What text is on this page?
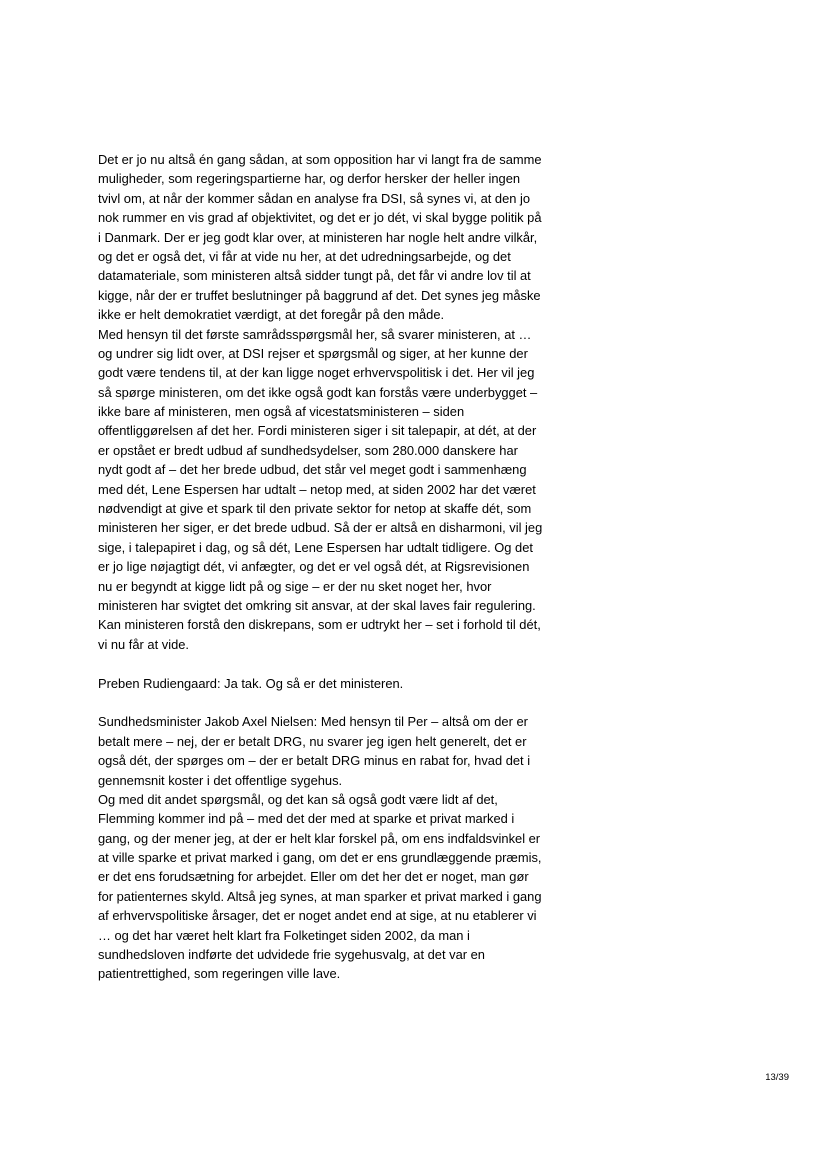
Det er jo nu altså én gang sådan, at som opposition har vi langt fra de samme
muligheder, som regeringspartierne har, og derfor hersker der heller ingen
tvivl om, at når der kommer sådan en analyse fra DSI, så synes vi, at den jo
nok rummer en vis grad af objektivitet, og det er jo dét, vi skal bygge politik på
i Danmark. Der er jeg godt klar over, at ministeren har nogle helt andre vilkår,
og det er også det, vi får at vide nu her, at det udredningsarbejde, og det
datamateriale, som ministeren altså sidder tungt på, det får vi andre lov til at
kigge, når der er truffet beslutninger på baggrund af det. Det synes jeg måske
ikke er helt demokratiet værdigt, at det foregår på den måde.

Med hensyn til det første samrådsspørgsmål her, så svarer ministeren, at …
og undrer sig lidt over, at DSI rejser et spørgsmål og siger, at her kunne der
godt være tendens til, at der kan ligge noget erhvervspolitisk i det. Her vil jeg
så spørge ministeren, om det ikke også godt kan forstås være underbygget –
ikke bare af ministeren, men også af vicestatsministeren – siden
offentliggørelsen af det her. Fordi ministeren siger i sit talepapir, at dét, at der
er opstået er bredt udbud af sundhedsydelser, som 280.000 danskere har
nydt godt af – det her brede udbud, det står vel meget godt i sammenhæng
med dét, Lene Espersen har udtalt – netop med, at siden 2002 har det været
nødvendigt at give et spark til den private sektor for netop at skaffe dét, som
ministeren her siger, er det brede udbud. Så der er altså en disharmoni, vil jeg
sige, i talepapiret i dag, og så dét, Lene Espersen har udtalt tidligere. Og det
er jo lige nøjagtigt dét, vi anfægter, og det er vel også dét, at Rigsrevisionen
nu er begyndt at kigge lidt på og sige – er der nu sket noget her, hvor
ministeren har svigtet det omkring sit ansvar, at der skal laves fair regulering.
Kan ministeren forstå den diskrepans, som er udtrykt her – set i forhold til dét,
vi nu får at vide.

Preben Rudiengaard: Ja tak. Og så er det ministeren.

Sundhedsminister Jakob Axel Nielsen: Med hensyn til Per – altså om der er
betalt mere – nej, der er betalt DRG, nu svarer jeg igen helt generelt, det er
også dét, der spørges om – der er betalt DRG minus en rabat for, hvad det i
gennemsnit koster i det offentlige sygehus.

Og med dit andet spørgsmål, og det kan så også godt være lidt af det,
Flemming kommer ind på – med det der med at sparke et privat marked i
gang, og der mener jeg, at der er helt klar forskel på, om ens indfaldsvinkel er
at ville sparke et privat marked i gang, om det er ens grundlæggende præmis,
er det ens forudsætning for arbejdet. Eller om det her det er noget, man gør
for patienternes skyld. Altså jeg synes, at man sparker et privat marked i gang
af erhvervspolitiske årsager, det er noget andet end at sige, at nu etablerer vi
… og det har været helt klart fra Folketinget siden 2002, da man i
sundhedsloven indførte det udvidede frie sygehusvalg, at det var en
patientrettighed, som regeringen ville lave.

13/39
